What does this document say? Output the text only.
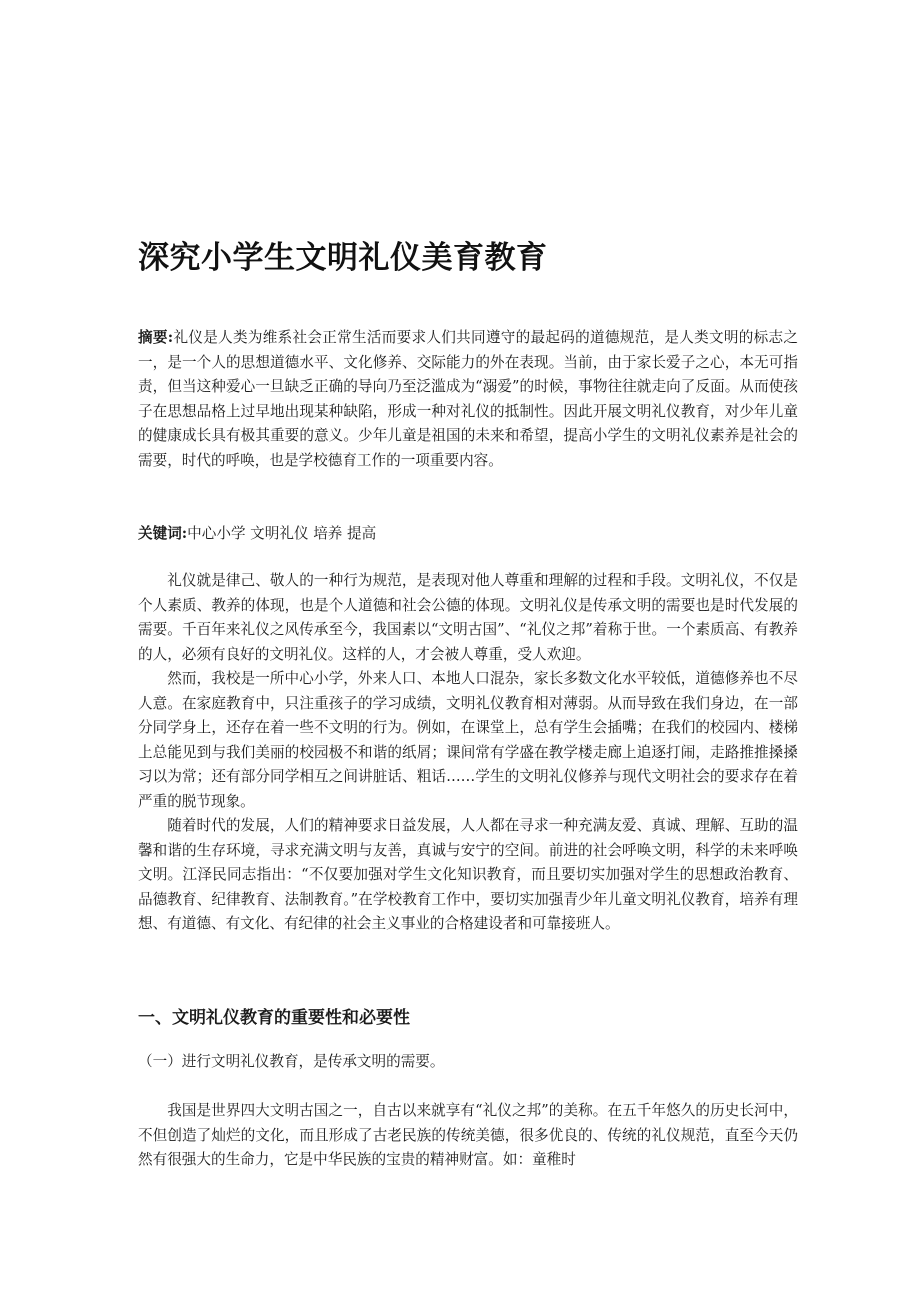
深究小学生文明礼仪美育教育

摘要:礼仪是人类为维系社会正常生活而要求人们共同遵守的最起码的道德规范，是人类文明的标志之一，是一个人的思想道德水平、文化修养、交际能力的外在表现。当前，由于家长爱子之心，本无可指责，但当这种爱心一旦缺乏正确的导向乃至泛滥成为“溺爱”的时候，事物往往就走向了反面。从而使孩子在思想品格上过早地出现某种缺陷，形成一种对礼仪的抵制性。因此开展文明礼仪教育，对少年儿童的健康成长具有极其重要的意义。少年儿童是祖国的未来和希望，提高小学生的文明礼仪素养是社会的需要，时代的呼唤，也是学校德育工作的一项重要内容。

关键词:中心小学 文明礼仪 培养 提高

礼仪就是律己、敬人的一种行为规范，是表现对他人尊重和理解的过程和手段。文明礼仪，不仅是个人素质、教养的体现，也是个人道德和社会公德的体现。文明礼仪是传承文明的需要也是时代发展的需要。千百年来礼仪之风传承至今，我国素以“文明古国”、“礼仪之邦”着称于世。一个素质高、有教养的人，必须有良好的文明礼仪。这样的人，才会被人尊重，受人欢迎。

然而，我校是一所中心小学，外来人口、本地人口混杂，家长多数文化水平较低，道德修养也不尽人意。在家庭教育中，只注重孩子的学习成绩，文明礼仪教育相对薄弱。从而导致在我们身边，在一部分同学身上，还存在着一些不文明的行为。例如，在课堂上，总有学生会插嘴；在我们的校园内、楼梯上总能见到与我们美丽的校园极不和谐的纸屑；课间常有学盛在教学楼走廊上追逐打闹，走路推推搡搡习以为常；还有部分同学相互之间讲脏话、粗话……学生的文明礼仪修养与现代文明社会的要求存在着严重的脱节现象。

随着时代的发展，人们的精神要求日益发展，人人都在寻求一种充满友爱、真诚、理解、互助的温馨和谐的生存环境，寻求充满文明与友善，真诚与安宁的空间。前进的社会呼唤文明，科学的未来呼唤文明。江泽民同志指出：“不仅要加强对学生文化知识教育，而且要切实加强对学生的思想政治教育、品德教育、纪律教育、法制教育。”在学校教育工作中，要切实加强青少年儿童文明礼仪教育，培养有理想、有道德、有文化、有纪律的社会主义事业的合格建设者和可靠接班人。

一、文明礼仪教育的重要性和必要性

（一）进行文明礼仪教育，是传承文明的需要。

我国是世界四大文明古国之一，自古以来就享有“礼仪之邦”的美称。在五千年悠久的历史长河中，不但创造了灿烂的文化，而且形成了古老民族的传统美德，很多优良的、传统的礼仪规范，直至今天仍然有很强大的生命力，它是中华民族的宝贵的精神财富。如：童稚时
